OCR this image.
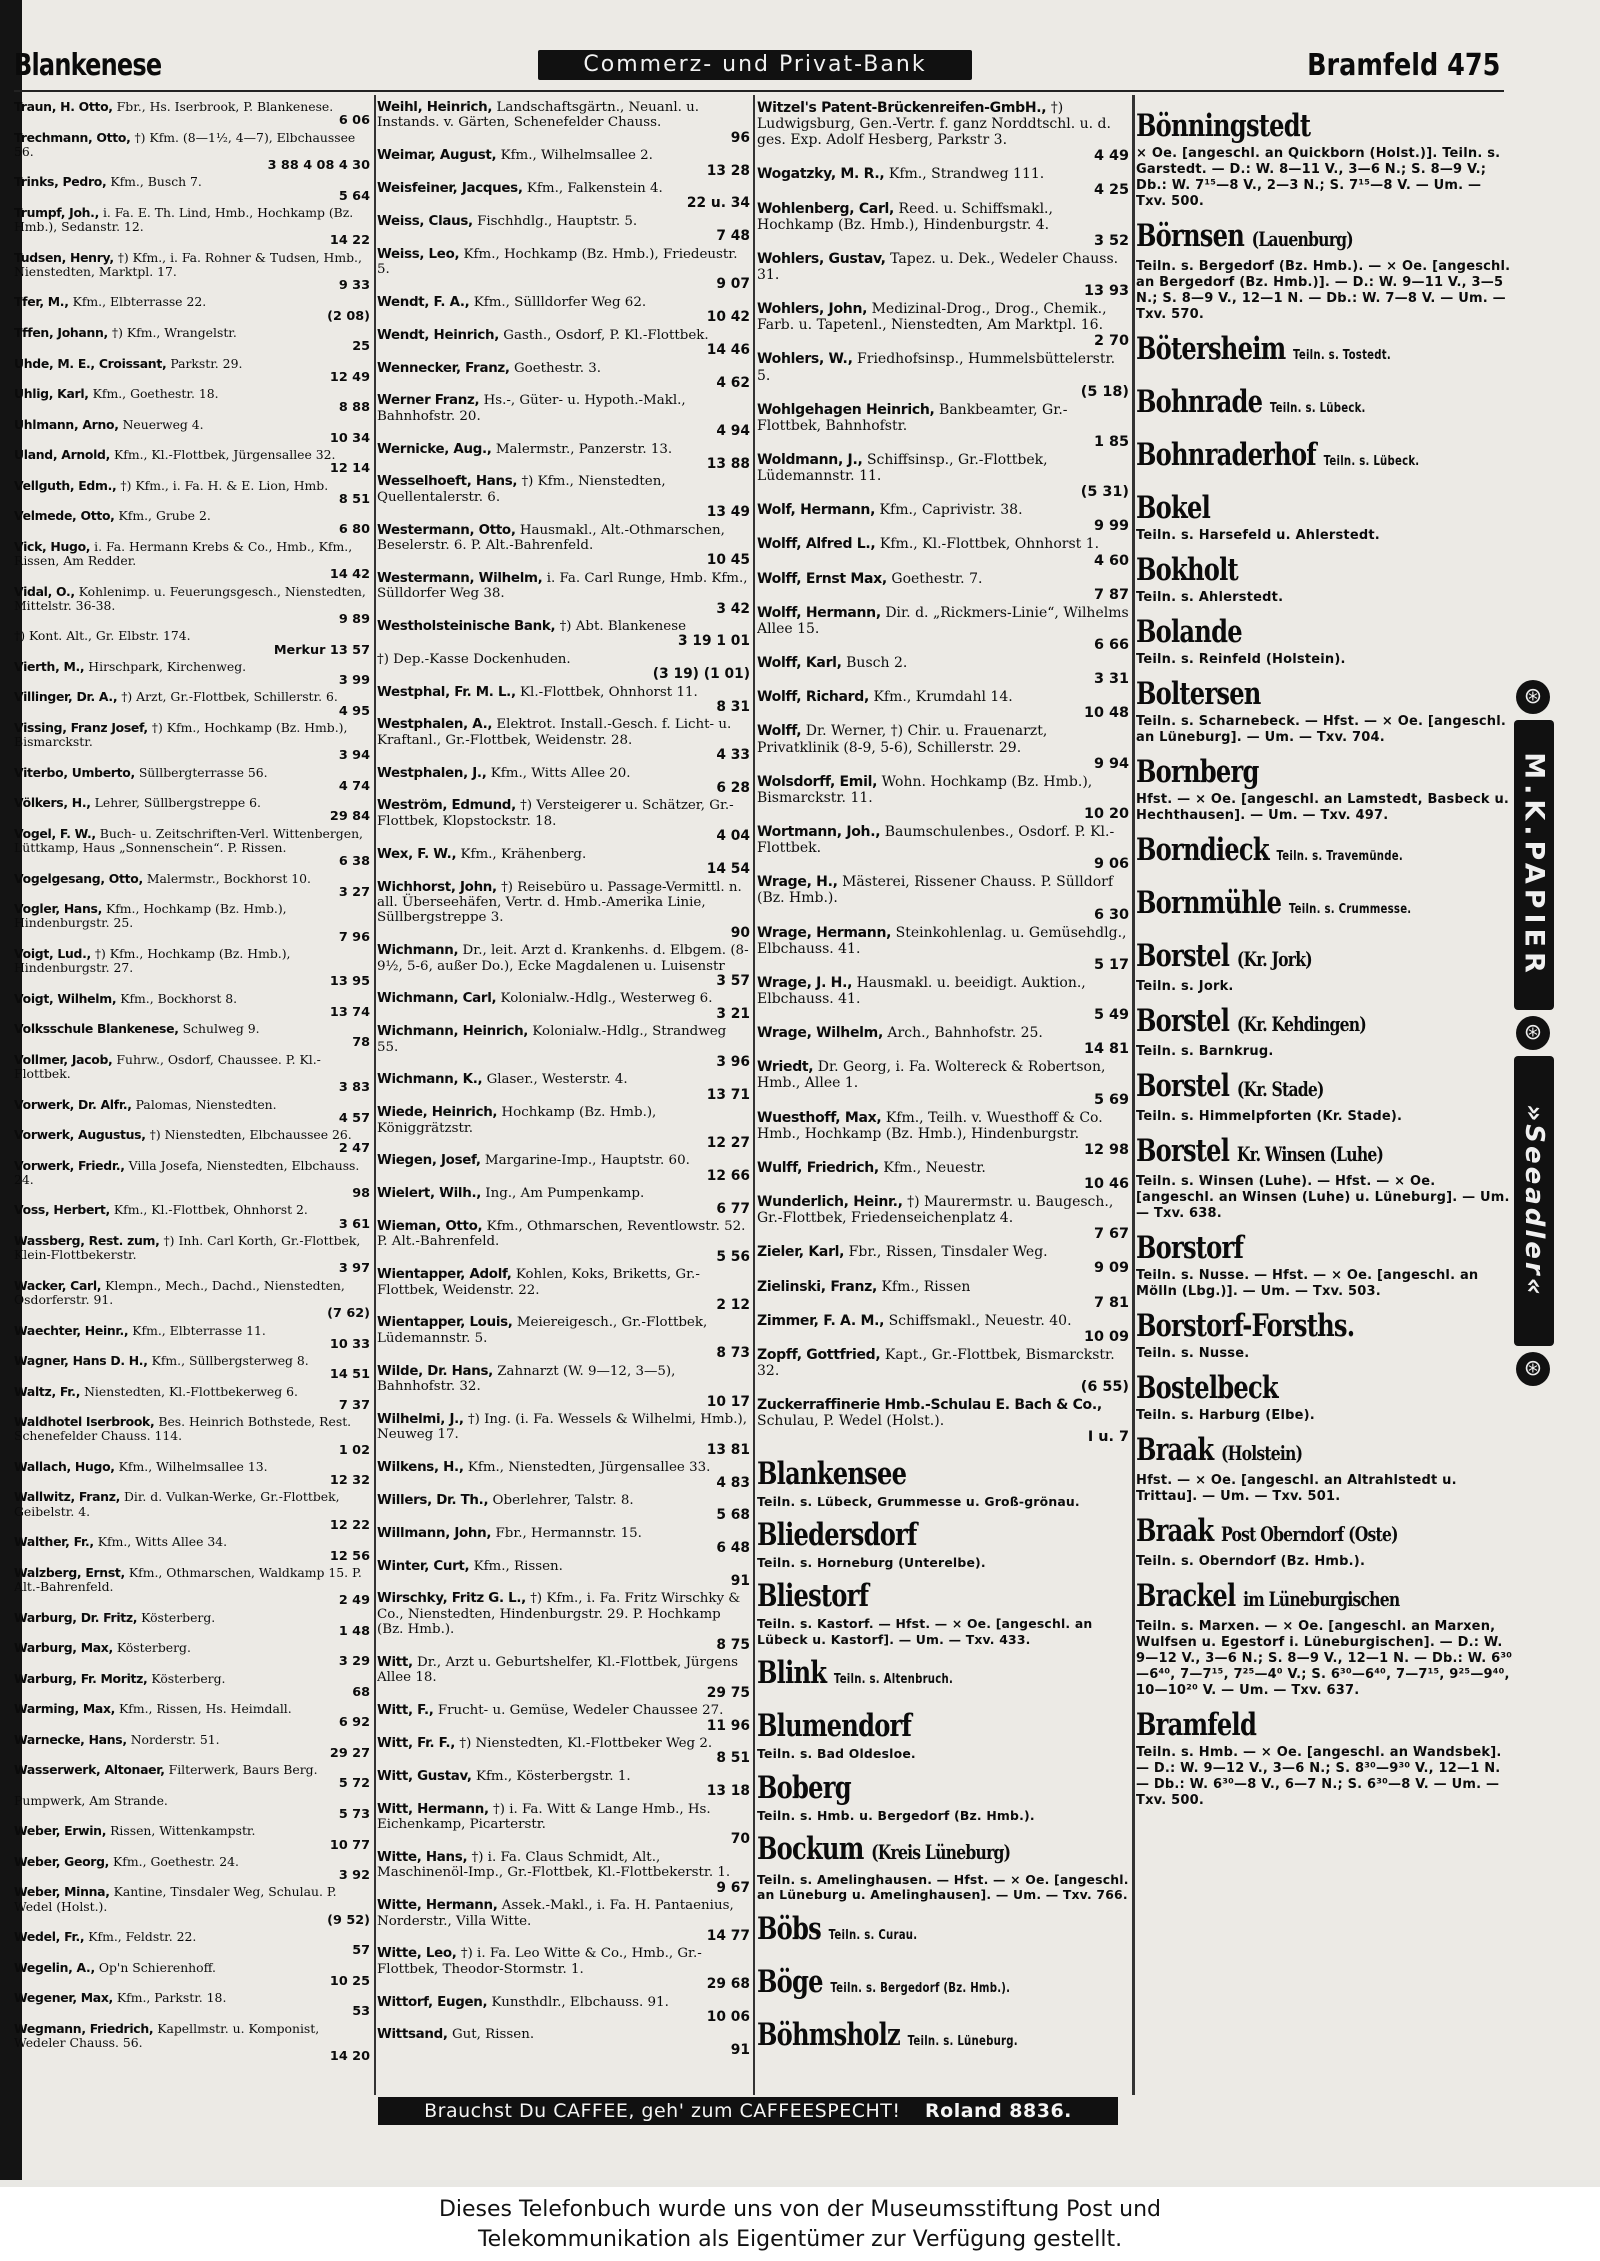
Blankenese	Commerz- und Privat-Bank	Bramfeld 475
Traun, H. Otto, Fbr., Hs. Iserbrook, P. Blankenese.
6 06
Trechmann, Otto, †) Kfm. (8—1½, 4—7), Elbchaussee 56.
3 88 4 08 4 30
Trinks, Pedro, Kfm., Busch 7.
5 64
Trumpf, Joh., i. Fa. E. Th. Lind, Hmb., Hochkamp (Bz. Hmb.), Sedanstr. 12.
14 22
Tudsen, Henry, †) Kfm., i. Fa. Rohner & Tudsen, Hmb., Nienstedten, Marktpl. 17.
9 33
Tfer, M., Kfm., Elbterrasse 22.
(2 08)
Tffen, Johann, †) Kfm., Wrangelstr.
25
Uhde, M. E., Croissant, Parkstr. 29.
12 49
Uhlig, Karl, Kfm., Goethestr. 18.
8 88
Uhlmann, Arno, Neuerweg 4.
10 34
Uland, Arnold, Kfm., Kl.-Flottbek, Jürgensallee 32.
12 14
Vellguth, Edm., †) Kfm., i. Fa. H. & E. Lion, Hmb.
8 51
Velmede, Otto, Kfm., Grube 2.
6 80
Vick, Hugo, i. Fa. Hermann Krebs & Co., Hmb., Kfm., Rissen, Am Redder.
14 42
Vidal, O., Kohlenimp. u. Feuerungsgesch., Nienstedten, Mittelstr. 36-38.
9 89
†) Kont. Alt., Gr. Elbstr. 174.
Merkur 13 57
Vierth, M., Hirschpark, Kirchenweg.
3 99
Villinger, Dr. A., †) Arzt, Gr.-Flottbek, Schillerstr. 6.
4 95
Vissing, Franz Josef, †) Kfm., Hochkamp (Bz. Hmb.), Bismarckstr.
3 94
Viterbo, Umberto, Süllbergterrasse 56.
4 74
Völkers, H., Lehrer, Süllbergstreppe 6.
29 84
Vogel, F. W., Buch- u. Zeitschriften-Verl. Wittenbergen, Lüttkamp, Haus „Sonnenschein“. P. Rissen.
6 38
Vogelgesang, Otto, Malermstr., Bockhorst 10.
3 27
Vogler, Hans, Kfm., Hochkamp (Bz. Hmb.), Hindenburgstr. 25.
7 96
Voigt, Lud., †) Kfm., Hochkamp (Bz. Hmb.), Hindenburgstr. 27.
13 95
Voigt, Wilhelm, Kfm., Bockhorst 8.
13 74
Volksschule Blankenese, Schulweg 9.
78
Vollmer, Jacob, Fuhrw., Osdorf, Chaussee. P. Kl.-Flottbek.
3 83
Vorwerk, Dr. Alfr., Palomas, Nienstedten.
4 57
Vorwerk, Augustus, †) Nienstedten, Elbchaussee 26.
2 47
Vorwerk, Friedr., Villa Josefa, Nienstedten, Elbchauss. 24.
98
Voss, Herbert, Kfm., Kl.-Flottbek, Ohnhorst 2.
3 61
Wassberg, Rest. zum, †) Inh. Carl Korth, Gr.-Flottbek, Klein-Flottbekerstr.
3 97
Wacker, Carl, Klempn., Mech., Dachd., Nienstedten, Osdorferstr. 91.
(7 62)
Waechter, Heinr., Kfm., Elbterrasse 11.
10 33
Wagner, Hans D. H., Kfm., Süllbergsterweg 8.
14 51
Waltz, Fr., Nienstedten, Kl.-Flottbekerweg 6.
7 37
Waldhotel Iserbrook, Bes. Heinrich Bothstede, Rest. Schenefelder Chauss. 114.
1 02
Wallach, Hugo, Kfm., Wilhelmsallee 13.
12 32
Wallwitz, Franz, Dir. d. Vulkan-Werke, Gr.-Flottbek, Geibelstr. 4.
12 22
Walther, Fr., Kfm., Witts Allee 34.
12 56
Walzberg, Ernst, Kfm., Othmarschen, Waldkamp 15. P. Alt.-Bahrenfeld.
2 49
Warburg, Dr. Fritz, Kösterberg.
1 48
Warburg, Max, Kösterberg.
3 29
Warburg, Fr. Moritz, Kösterberg.
68
Warming, Max, Kfm., Rissen, Hs. Heimdall.
6 92
Warnecke, Hans, Norderstr. 51.
29 27
Wasserwerk, Altonaer, Filterwerk, Baurs Berg.
5 72
Pumpwerk, Am Strande.
5 73
Weber, Erwin, Rissen, Wittenkampstr.
10 77
Weber, Georg, Kfm., Goethestr. 24.
3 92
Weber, Minna, Kantine, Tinsdaler Weg, Schulau. P. Wedel (Holst.).
(9 52)
Wedel, Fr., Kfm., Feldstr. 22.
57
Wegelin, A., Op'n Schierenhoff.
10 25
Wegener, Max, Kfm., Parkstr. 18.
53
Wegmann, Friedrich, Kapellmstr. u. Komponist, Wedeler Chauss. 56.
14 20
Weihl, Heinrich, Landschaftsgärtn., Neuanl. u. Instands. v. Gärten, Schenefelder Chauss.
96
Weimar, August, Kfm., Wilhelmsallee 2.
13 28
Weisfeiner, Jacques, Kfm., Falkenstein 4.
22 u. 34
Weiss, Claus, Fischhdlg., Hauptstr. 5.
7 48
Weiss, Leo, Kfm., Hochkamp (Bz. Hmb.), Friedeustr. 5.
9 07
Wendt, F. A., Kfm., Süllldorfer Weg 62.
10 42
Wendt, Heinrich, Gasth., Osdorf, P. Kl.-Flottbek.
14 46
Wennecker, Franz, Goethestr. 3.
4 62
Werner Franz, Hs.-, Güter- u. Hypoth.-Makl., Bahnhofstr. 20.
4 94
Wernicke, Aug., Malermstr., Panzerstr. 13.
13 88
Wesselhoeft, Hans, †) Kfm., Nienstedten, Quellentalerstr. 6.
13 49
Westermann, Otto, Hausmakl., Alt.-Othmarschen, Beselerstr. 6. P. Alt.-Bahrenfeld.
10 45
Westermann, Wilhelm, i. Fa. Carl Runge, Hmb. Kfm., Sülldorfer Weg 38.
3 42
Westholsteinische Bank, †) Abt. Blankenese
3 19 1 01
†) Dep.-Kasse Dockenhuden.
(3 19) (1 01)
Westphal, Fr. M. L., Kl.-Flottbek, Ohnhorst 11.
8 31
Westphalen, A., Elektrot. Install.-Gesch. f. Licht- u. Kraftanl., Gr.-Flottbek, Weidenstr. 28.
4 33
Westphalen, J., Kfm., Witts Allee 20.
6 28
Weström, Edmund, †) Versteigerer u. Schätzer, Gr.-Flottbek, Klopstockstr. 18.
4 04
Wex, F. W., Kfm., Krähenberg.
14 54
Wichhorst, John, †) Reisebüro u. Passage-Vermittl. n. all. Überseehäfen, Vertr. d. Hmb.-Amerika Linie, Süllbergstreppe 3.
90
Wichmann, Dr., leit. Arzt d. Krankenhs. d. Elbgem. (8-9½, 5-6, außer Do.), Ecke Magdalenen u. Luisenstr
3 57
Wichmann, Carl, Kolonialw.-Hdlg., Westerweg 6.
3 21
Wichmann, Heinrich, Kolonialw.-Hdlg., Strandweg 55.
3 96
Wichmann, K., Glaser., Westerstr. 4.
13 71
Wiede, Heinrich, Hochkamp (Bz. Hmb.), Königgrätzstr.
12 27
Wiegen, Josef, Margarine-Imp., Hauptstr. 60.
12 66
Wielert, Wilh., Ing., Am Pumpenkamp.
6 77
Wieman, Otto, Kfm., Othmarschen, Reventlowstr. 52. P. Alt.-Bahrenfeld.
5 56
Wientapper, Adolf, Kohlen, Koks, Briketts, Gr.-Flottbek, Weidenstr. 22.
2 12
Wientapper, Louis, Meiereigesch., Gr.-Flottbek, Lüdemannstr. 5.
8 73
Wilde, Dr. Hans, Zahnarzt (W. 9—12, 3—5), Bahnhofstr. 32.
10 17
Wilhelmi, J., †) Ing. (i. Fa. Wessels & Wilhelmi, Hmb.), Neuweg 17.
13 81
Wilkens, H., Kfm., Nienstedten, Jürgensallee 33.
4 83
Willers, Dr. Th., Oberlehrer, Talstr. 8.
5 68
Willmann, John, Fbr., Hermannstr. 15.
6 48
Winter, Curt, Kfm., Rissen.
91
Wirschky, Fritz G. L., †) Kfm., i. Fa. Fritz Wirschky & Co., Nienstedten, Hindenburgstr. 29. P. Hochkamp (Bz. Hmb.).
8 75
Witt, Dr., Arzt u. Geburtshelfer, Kl.-Flottbek, Jürgens Allee 18.
29 75
Witt, F., Frucht- u. Gemüse, Wedeler Chaussee 27.
11 96
Witt, Fr. F., †) Nienstedten, Kl.-Flottbeker Weg 2.
8 51
Witt, Gustav, Kfm., Kösterbergstr. 1.
13 18
Witt, Hermann, †) i. Fa. Witt & Lange Hmb., Hs. Eichenkamp, Picarterstr.
70
Witte, Hans, †) i. Fa. Claus Schmidt, Alt., Maschinenöl-Imp., Gr.-Flottbek, Kl.-Flottbekerstr. 1.
9 67
Witte, Hermann, Assek.-Makl., i. Fa. H. Pantaenius, Norderstr., Villa Witte.
14 77
Witte, Leo, †) i. Fa. Leo Witte & Co., Hmb., Gr.-Flottbek, Theodor-Stormstr. 1.
29 68
Wittorf, Eugen, Kunsthdlr., Elbchauss. 91.
10 06
Wittsand, Gut, Rissen.
91
Witzel's Patent-Brückenreifen-GmbH., †) Ludwigsburg, Gen.-Vertr. f. ganz Norddtschl. u. d. ges. Exp. Adolf Hesberg, Parkstr 3.
4 49
Wogatzky, M. R., Kfm., Strandweg 111.
4 25
Wohlenberg, Carl, Reed. u. Schiffsmakl., Hochkamp (Bz. Hmb.), Hindenburgstr. 4.
3 52
Wohlers, Gustav, Tapez. u. Dek., Wedeler Chauss. 31.
13 93
Wohlers, John, Medizinal-Drog., Drog., Chemik., Farb. u. Tapetenl., Nienstedten, Am Marktpl. 16.
2 70
Wohlers, W., Friedhofsinsp., Hummelsbüttelerstr. 5.
(5 18)
Wohlgehagen Heinrich, Bankbeamter, Gr.-Flottbek, Bahnhofstr.
1 85
Woldmann, J., Schiffsinsp., Gr.-Flottbek, Lüdemannstr. 11.
(5 31)
Wolf, Hermann, Kfm., Caprivistr. 38.
9 99
Wolff, Alfred L., Kfm., Kl.-Flottbek, Ohnhorst 1.
4 60
Wolff, Ernst Max, Goethestr. 7.
7 87
Wolff, Hermann, Dir. d. „Rickmers-Linie“, Wilhelms Allee 15.
6 66
Wolff, Karl, Busch 2.
3 31
Wolff, Richard, Kfm., Krumdahl 14.
10 48
Wolff, Dr. Werner, †) Chir. u. Frauenarzt, Privatklinik (8-9, 5-6), Schillerstr. 29.
9 94
Wolsdorff, Emil, Wohn. Hochkamp (Bz. Hmb.), Bismarckstr. 11.
10 20
Wortmann, Joh., Baumschulenbes., Osdorf. P. Kl.-Flottbek.
9 06
Wrage, H., Mästerei, Rissener Chauss. P. Sülldorf (Bz. Hmb.).
6 30
Wrage, Hermann, Steinkohlenlag. u. Gemüsehdlg., Elbchauss. 41.
5 17
Wrage, J. H., Hausmakl. u. beeidigt. Auktion., Elbchauss. 41.
5 49
Wrage, Wilhelm, Arch., Bahnhofstr. 25.
14 81
Wriedt, Dr. Georg, i. Fa. Woltereck & Robertson, Hmb., Allee 1.
5 69
Wuesthoff, Max, Kfm., Teilh. v. Wuesthoff & Co. Hmb., Hochkamp (Bz. Hmb.), Hindenburgstr.
12 98
Wulff, Friedrich, Kfm., Neuestr.
10 46
Wunderlich, Heinr., †) Maurermstr. u. Baugesch., Gr.-Flottbek, Friedenseichenplatz 4.
7 67
Zieler, Karl, Fbr., Rissen, Tinsdaler Weg.
9 09
Zielinski, Franz, Kfm., Rissen
7 81
Zimmer, F. A. M., Schiffsmakl., Neuestr. 40.
10 09
Zopff, Gottfried, Kapt., Gr.-Flottbek, Bismarckstr. 32.
(6 55)
Zuckerraffinerie Hmb.-Schulau E. Bach & Co., Schulau, P. Wedel (Holst.).
I u. 7
Blankensee
Teiln. s. Lübeck, Grummesse u. Groß-grönau.
Bliedersdorf
Teiln. s. Horneburg (Unterelbe).
Bliestorf
Teiln. s. Kastorf. — Hfst. — × Oe. [angeschl. an Lübeck u. Kastorf]. — Um. — Txv. 433.
Blink Teiln. s. Altenbruch.
Blumendorf
Teiln. s. Bad Oldesloe.
Boberg
Teiln. s. Hmb. u. Bergedorf (Bz. Hmb.).
Bockum (Kreis Lüneburg)
Teiln. s. Amelinghausen. — Hfst. — × Oe. [angeschl. an Lüneburg u. Amelinghausen]. — Um. — Txv. 766.
Böbs Teiln. s. Curau.
Böge Teiln. s. Bergedorf (Bz. Hmb.).
Böhmsholz Teiln. s. Lüneburg.
Bönningstedt
× Oe. [angeschl. an Quickborn (Holst.)]. Teiln. s. Garstedt. — D.: W. 8—11 V., 3—6 N.; S. 8—9 V.; Db.: W. 7¹⁵—8 V., 2—3 N.; S. 7¹⁵—8 V. — Um. — Txv. 500.
Börnsen (Lauenburg)
Teiln. s. Bergedorf (Bz. Hmb.). — × Oe. [angeschl. an Bergedorf (Bz. Hmb.)]. — D.: W. 9—11 V., 3—5 N.; S. 8—9 V., 12—1 N. — Db.: W. 7—8 V. — Um. — Txv. 570.
Bötersheim Teiln. s. Tostedt.
Bohnrade Teiln. s. Lübeck.
Bohnraderhof Teiln. s. Lübeck.
Bokel
Teiln. s. Harsefeld u. Ahlerstedt.
Bokholt
Teiln. s. Ahlerstedt.
Bolande
Teiln. s. Reinfeld (Holstein).
Boltersen
Teiln. s. Scharnebeck. — Hfst. — × Oe. [angeschl. an Lüneburg]. — Um. — Txv. 704.
Bornberg
Hfst. — × Oe. [angeschl. an Lamstedt, Basbeck u. Hechthausen]. — Um. — Txv. 497.
Borndieck Teiln. s. Travemünde.
Bornmühle Teiln. s. Crummesse.
Borstel (Kr. Jork)
Teiln. s. Jork.
Borstel (Kr. Kehdingen)
Teiln. s. Barnkrug.
Borstel (Kr. Stade)
Teiln. s. Himmelpforten (Kr. Stade).
Borstel Kr. Winsen (Luhe)
Teiln. s. Winsen (Luhe). — Hfst. — × Oe. [angeschl. an Winsen (Luhe) u. Lüneburg]. — Um. — Txv. 638.
Borstorf
Teiln. s. Nusse. — Hfst. — × Oe. [angeschl. an Mölln (Lbg.)]. — Um. — Txv. 503.
Borstorf-Forsths.
Teiln. s. Nusse.
Bostelbeck
Teiln. s. Harburg (Elbe).
Braak (Holstein)
Hfst. — × Oe. [angeschl. an Altrahlstedt u. Trittau]. — Um. — Txv. 501.
Braak Post Oberndorf (Oste)
Teiln. s. Oberndorf (Bz. Hmb.).
Brackel im Lüneburgischen
Teiln. s. Marxen. — × Oe. [angeschl. an Marxen, Wulfsen u. Egestorf i. Lüneburgischen]. — D.: W. 9—12 V., 3—6 N.; S. 8—9 V., 12—1 N. — Db.: W. 6³⁰—6⁴⁰, 7—7¹⁵, 7²⁵—4⁰ V.; S. 6³⁰—6⁴⁰, 7—7¹⁵, 9²⁵—9⁴⁰, 10—10²⁰ V. — Um. — Txv. 637.
Bramfeld
Teiln. s. Hmb. — × Oe. [angeschl. an Wandsbek]. — D.: W. 9—12 V., 3—6 N.; S. 8³⁰—9³⁰ V., 12—1 N. — Db.: W. 6³⁰—8 V., 6—7 N.; S. 6³⁰—8 V. — Um. — Txv. 500.
⊛
M.K.PAPIER
⊛
»Seeadler«
⊛
Brauchst Du CAFFEE, geh' zum CAFFEESPECHT! Roland 8836.
Dieses Telefonbuch wurde uns von der Museumsstiftung Post und
Telekommunikation als Eigentümer zur Verfügung gestellt.
